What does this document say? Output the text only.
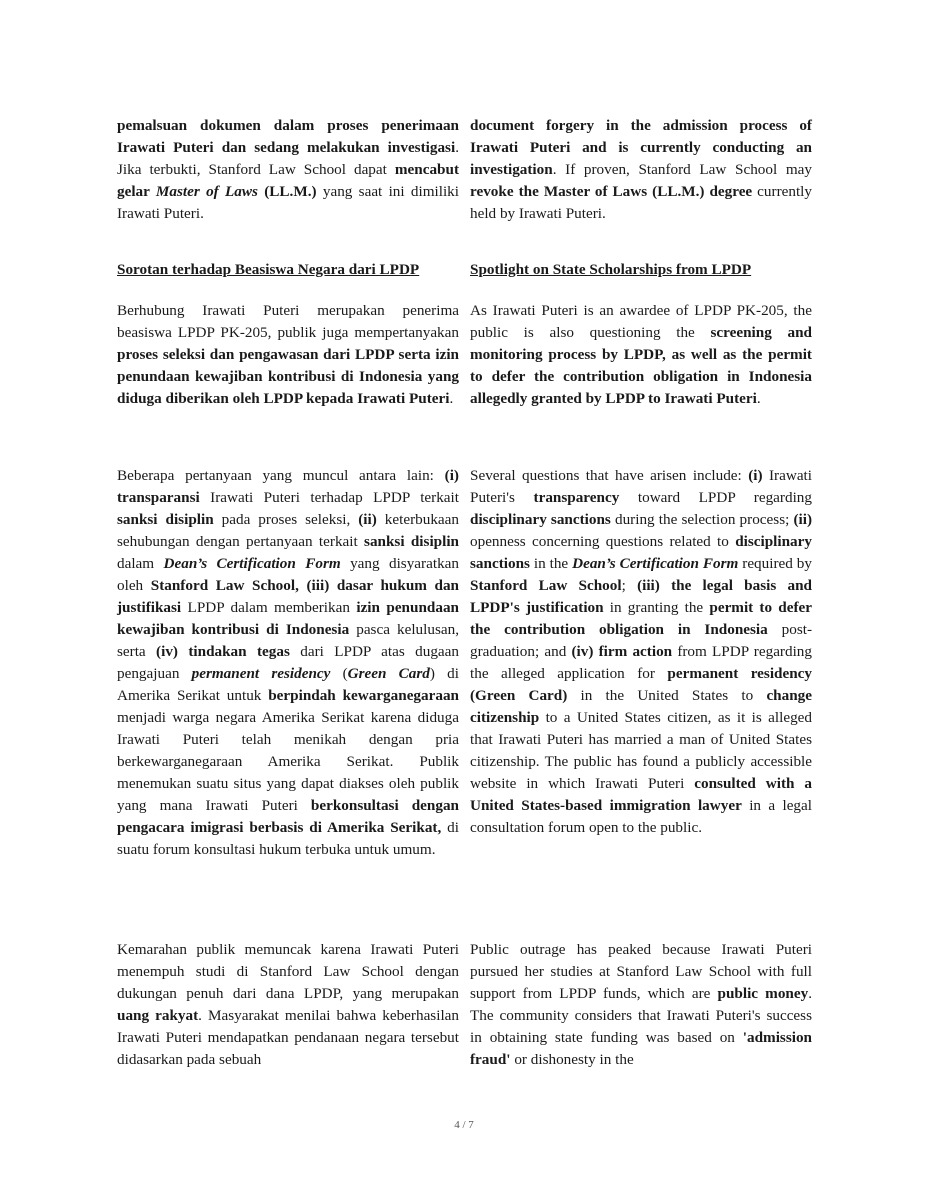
pemalsuan dokumen dalam proses penerimaan Irawati Puteri dan sedang melakukan investigasi. Jika terbukti, Stanford Law School dapat mencabut gelar Master of Laws (LL.M.) yang saat ini dimiliki Irawati Puteri.

Sorotan terhadap Beasiswa Negara dari LPDP

Berhubung Irawati Puteri merupakan penerima beasiswa LPDP PK-205, publik juga mempertanyakan proses seleksi dan pengawasan dari LPDP serta izin penundaan kewajiban kontribusi di Indonesia yang diduga diberikan oleh LPDP kepada Irawati Puteri.

Beberapa pertanyaan yang muncul antara lain: (i) transparansi Irawati Puteri terhadap LPDP terkait sanksi disiplin pada proses seleksi, (ii) keterbukaan sehubungan dengan pertanyaan terkait sanksi disiplin dalam Dean’s Certification Form yang disyaratkan oleh Stanford Law School, (iii) dasar hukum dan justifikasi LPDP dalam memberikan izin penundaan kewajiban kontribusi di Indonesia pasca kelulusan, serta (iv) tindakan tegas dari LPDP atas dugaan pengajuan permanent residency (Green Card) di Amerika Serikat untuk berpindah kewarganegaraan menjadi warga negara Amerika Serikat karena diduga Irawati Puteri telah menikah dengan pria berkewarganegaraan Amerika Serikat. Publik menemukan suatu situs yang dapat diakses oleh publik yang mana Irawati Puteri berkonsultasi dengan pengacara imigrasi berbasis di Amerika Serikat, di suatu forum konsultasi hukum terbuka untuk umum.

Kemarahan publik memuncak karena Irawati Puteri menempuh studi di Stanford Law School dengan dukungan penuh dari dana LPDP, yang merupakan uang rakyat. Masyarakat menilai bahwa keberhasilan Irawati Puteri mendapatkan pendanaan negara tersebut didasarkan pada sebuah

document forgery in the admission process of Irawati Puteri and is currently conducting an investigation. If proven, Stanford Law School may revoke the Master of Laws (LL.M.) degree currently held by Irawati Puteri.

Spotlight on State Scholarships from LPDP

As Irawati Puteri is an awardee of LPDP PK-205, the public is also questioning the screening and monitoring process by LPDP, as well as the permit to defer the contribution obligation in Indonesia allegedly granted by LPDP to Irawati Puteri.

Several questions that have arisen include: (i) Irawati Puteri's transparency toward LPDP regarding disciplinary sanctions during the selection process; (ii) openness concerning questions related to disciplinary sanctions in the Dean’s Certification Form required by Stanford Law School; (iii) the legal basis and LPDP's justification in granting the permit to defer the contribution obligation in Indonesia post-graduation; and (iv) firm action from LPDP regarding the alleged application for permanent residency (Green Card) in the United States to change citizenship to a United States citizen, as it is alleged that Irawati Puteri has married a man of United States citizenship. The public has found a publicly accessible website in which Irawati Puteri consulted with a United States-based immigration lawyer in a legal consultation forum open to the public.

Public outrage has peaked because Irawati Puteri pursued her studies at Stanford Law School with full support from LPDP funds, which are public money. The community considers that Irawati Puteri's success in obtaining state funding was based on 'admission fraud' or dishonesty in the

4 / 7
